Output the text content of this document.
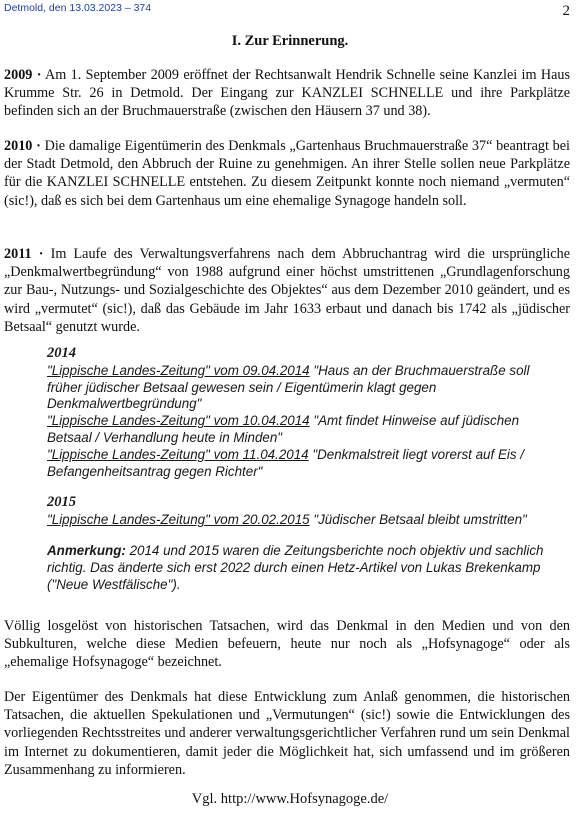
Detmold, den 13.03.2023 – 374	2
I. Zur Erinnerung.
2009 · Am 1. September 2009 eröffnet der Rechtsanwalt Hendrik Schnelle seine Kanzlei im Haus Krumme Str. 26 in Detmold. Der Eingang zur KANZLEI SCHNELLE und ihre Parkplätze befinden sich an der Bruchmauerstraße (zwischen den Häusern 37 und 38).
2010 · Die damalige Eigentümerin des Denkmals „Gartenhaus Bruchmauerstraße 37“ beantragt bei der Stadt Detmold, den Abbruch der Ruine zu genehmigen. An ihrer Stelle sollen neue Parkplätze für die KANZLEI SCHNELLE entstehen. Zu diesem Zeitpunkt konnte noch niemand „vermuten“ (sic!), daß es sich bei dem Gartenhaus um eine ehemalige Synagoge handeln soll.
2011 · Im Laufe des Verwaltungsverfahrens nach dem Abbruchantrag wird die ursprüngliche „Denkmalwertbegründung“ von 1988 aufgrund einer höchst umstrittenen „Grundlagenforschung zur Bau-, Nutzungs- und Sozialgeschichte des Objektes“ aus dem Dezember 2010 geändert, und es wird „vermutet“ (sic!), daß das Gebäude im Jahr 1633 erbaut und danach bis 1742 als „jüdischer Betsaal“ genutzt wurde.
2014
"Lippische Landes-Zeitung" vom 09.04.2014 "Haus an der Bruchmauerstraße soll früher jüdischer Betsaal gewesen sein / Eigentümerin klagt gegen Denkmalwertbegründung"
"Lippische Landes-Zeitung" vom 10.04.2014 "Amt findet Hinweise auf jüdischen Betsaal / Verhandlung heute in Minden"
"Lippische Landes-Zeitung" vom 11.04.2014 "Denkmalstreit liegt vorerst auf Eis / Befangenheitsantrag gegen Richter"
2015
"Lippische Landes-Zeitung" vom 20.02.2015 "Jüdischer Betsaal bleibt umstritten"
Anmerkung: 2014 und 2015 waren die Zeitungsberichte noch objektiv und sachlich richtig. Das änderte sich erst 2022 durch einen Hetz-Artikel von Lukas Brekenkamp ("Neue Westfälische").
Völlig losgelöst von historischen Tatsachen, wird das Denkmal in den Medien und von den Subkulturen, welche diese Medien befeuern, heute nur noch als „Hofsynagoge“ oder als „ehemalige Hofsynagoge“ bezeichnet.
Der Eigentümer des Denkmals hat diese Entwicklung zum Anlaß genommen, die historischen Tatsachen, die aktuellen Spekulationen und „Vermutungen“ (sic!) sowie die Entwicklungen des vorliegenden Rechtsstreites und anderer verwaltungsgerichtlicher Verfahren rund um sein Denkmal im Internet zu dokumentieren, damit jeder die Möglichkeit hat, sich umfassend und im größeren Zusammenhang zu informieren.
Vgl. http://www.Hofsynagoge.de/
